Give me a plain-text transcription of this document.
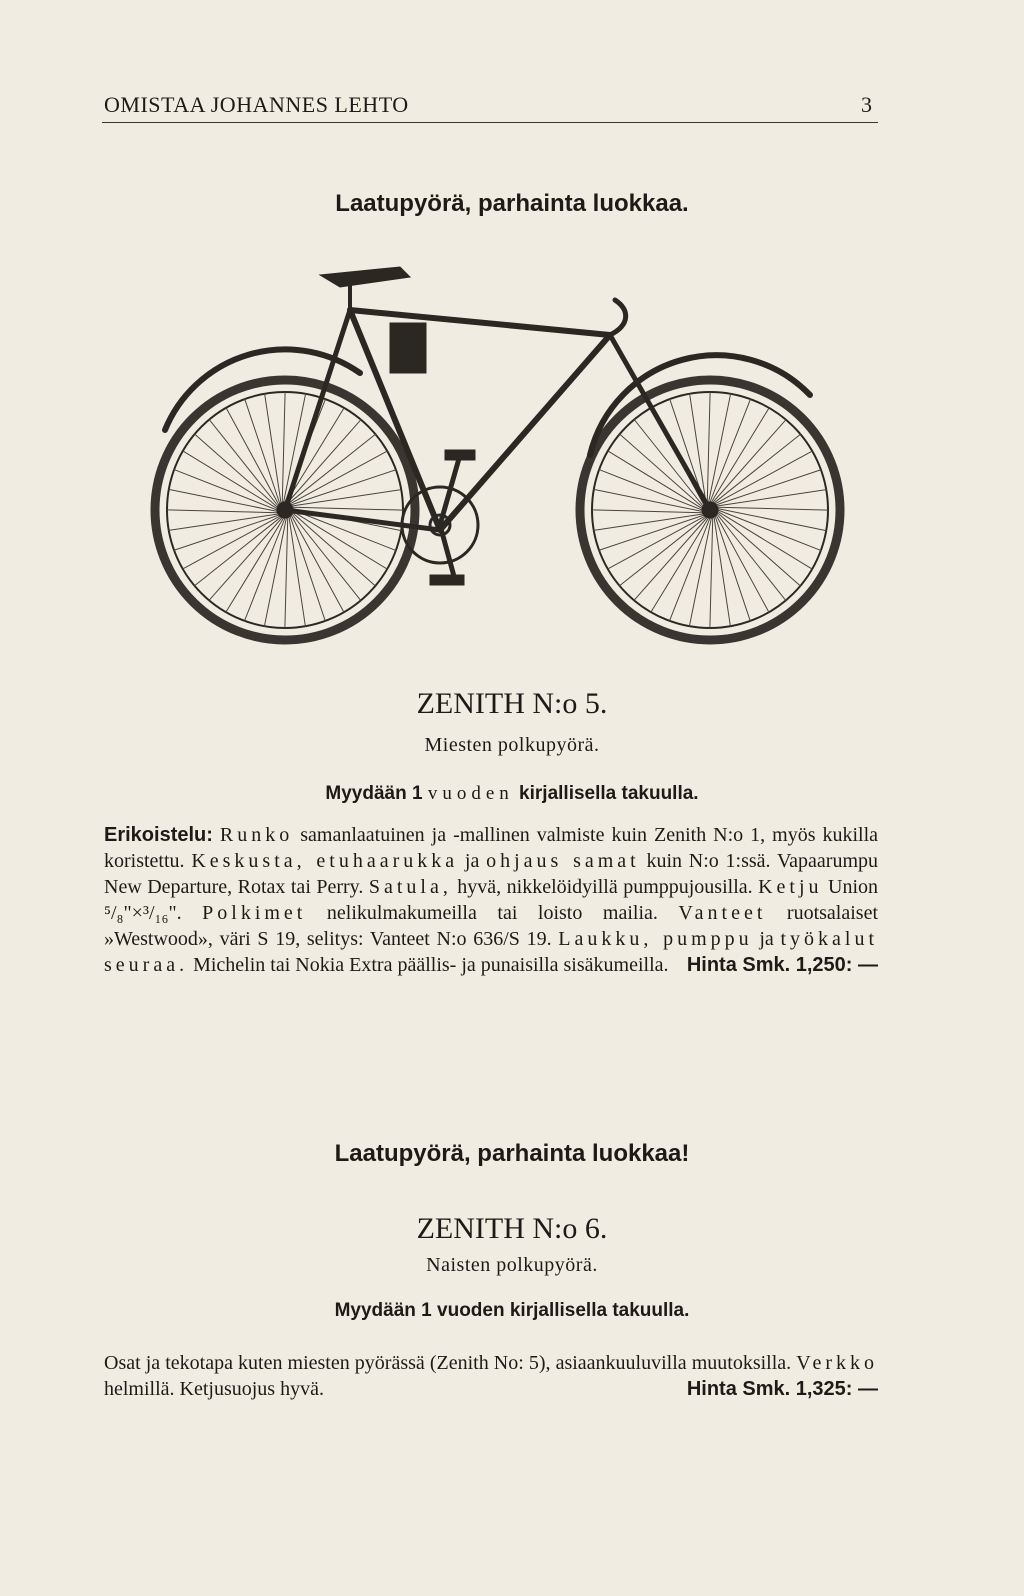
OMISTAA JOHANNES LEHTO	3
Laatupyörä, parhainta luokkaa.
ZENITH N:o 5.
Miesten polkupyörä.
Myydään 1 vuoden kirjallisella takuulla.
Erikoistelu: Runko samanlaatuinen ja -mallinen valmiste kuin Zenith N:o 1, myös kukilla koristettu. Keskusta, etuhaarukka ja ohjaus samat kuin N:o 1:ssä. Vapaarumpu New Departure, Rotax tai Perry. Satula, hyvä, nikkelöidyillä pumppujousilla. Ketju Union ⁵/₈"×³/₁₆". Polkimet nelikulmakumeilla tai loisto mailia. Vanteet ruotsalaiset »Westwood», väri S 19, selitys: Vanteet N:o 636/S 19. Laukku, pumppu ja työkalut seuraa. Michelin tai Nokia Extra päällis- ja punaisilla sisäkumeilla. Hinta Smk. 1,250: —
Laatupyörä, parhainta luokkaa!
ZENITH N:o 6.
Naisten polkupyörä.
Myydään 1 vuoden kirjallisella takuulla.
Osat ja tekotapa kuten miesten pyörässä (Zenith No: 5), asiaankuuluvilla muutoksilla. Verkko helmillä. Ketjusuojus hyvä.	Hinta Smk. 1,325: —
